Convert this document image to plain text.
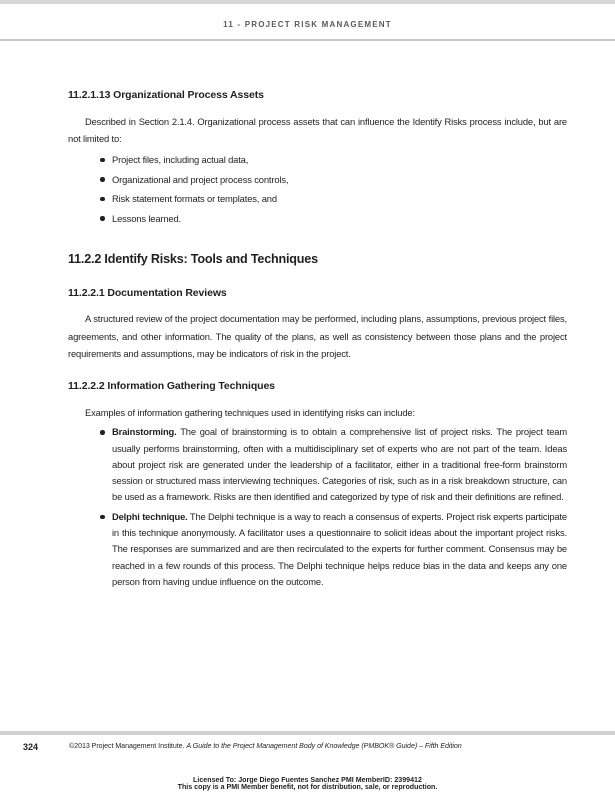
11 - PROJECT RISK MANAGEMENT
11.2.1.13 Organizational Process Assets

Described in Section 2.1.4. Organizational process assets that can influence the Identify Risks process include, but are not limited to:

Project files, including actual data,
Organizational and project process controls,
Risk statement formats or templates, and
Lessons learned.
11.2.2 Identify Risks: Tools and Techniques
11.2.2.1 Documentation Reviews

A structured review of the project documentation may be performed, including plans, assumptions, previous project files, agreements, and other information. The quality of the plans, as well as consistency between those plans and the project requirements and assumptions, may be indicators of risk in the project.

11.2.2.2 Information Gathering Techniques

Examples of information gathering techniques used in identifying risks can include:

Brainstorming. The goal of brainstorming is to obtain a comprehensive list of project risks. The project team usually performs brainstorming, often with a multidisciplinary set of experts who are not part of the team. Ideas about project risk are generated under the leadership of a facilitator, either in a traditional free-form brainstorm session or structured mass interviewing techniques. Categories of risk, such as in a risk breakdown structure, can be used as a framework. Risks are then identified and categorized by type of risk and their definitions are refined.
Delphi technique. The Delphi technique is a way to reach a consensus of experts. Project risk experts participate in this technique anonymously. A facilitator uses a questionnaire to solicit ideas about the important project risks. The responses are summarized and are then recirculated to the experts for further comment. Consensus may be reached in a few rounds of this process. The Delphi technique helps reduce bias in the data and keeps any one person from having undue influence on the outcome.
324	©2013 Project Management Institute. A Guide to the Project Management Body of Knowledge (PMBOK® Guide) – Fifth Edition
Licensed To: Jorge Diego Fuentes Sanchez PMI MemberID: 2399412
This copy is a PMI Member benefit, not for distribution, sale, or reproduction.
